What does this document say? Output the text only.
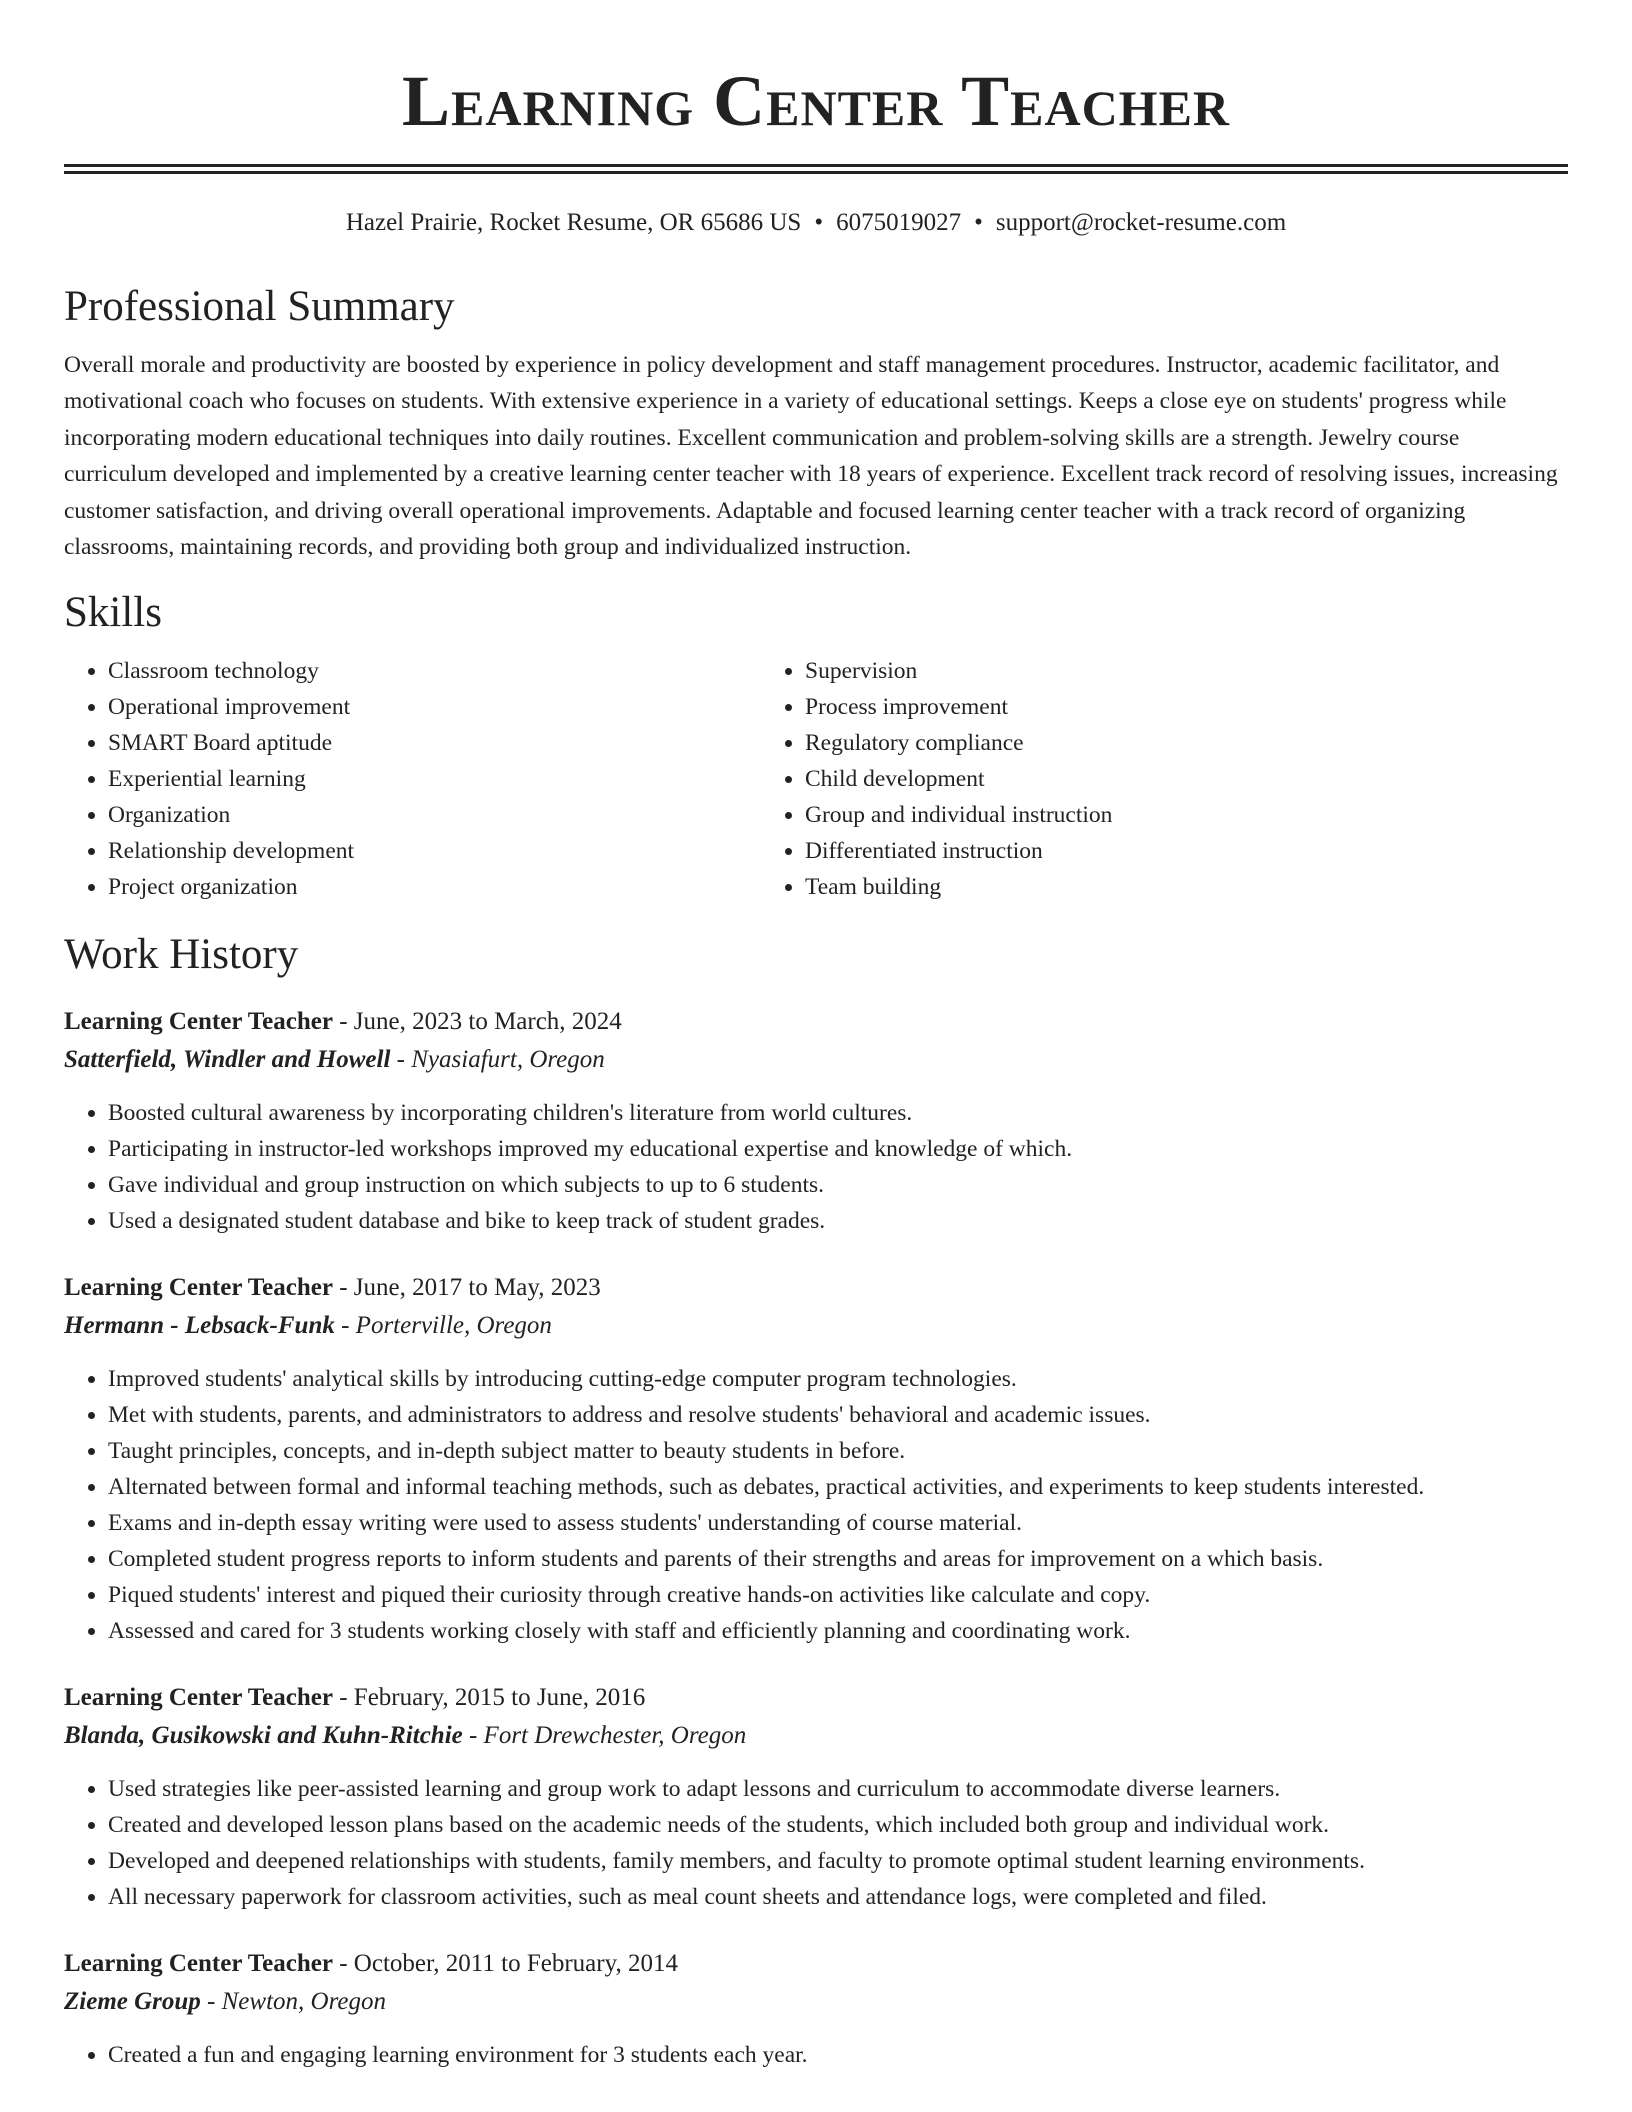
Learning Center Teacher
Hazel Prairie, Rocket Resume, OR 65686 US • 6075019027 • support@rocket-resume.com
Professional Summary

Overall morale and productivity are boosted by experience in policy development and staff management procedures. Instructor, academic facilitator, and motivational coach who focuses on students. With extensive experience in a variety of educational settings. Keeps a close eye on students' progress while incorporating modern educational techniques into daily routines. Excellent communication and problem-solving skills are a strength. Jewelry course curriculum developed and implemented by a creative learning center teacher with 18 years of experience. Excellent track record of resolving issues, increasing customer satisfaction, and driving overall operational improvements. Adaptable and focused learning center teacher with a track record of organizing classrooms, maintaining records, and providing both group and individualized instruction.

Skills
• Classroom technology
• Operational improvement
• SMART Board aptitude
• Experiential learning
• Organization
• Relationship development
• Project organization
• Supervision
• Process improvement
• Regulatory compliance
• Child development
• Group and individual instruction
• Differentiated instruction
• Team building
Work History
Learning Center Teacher - June, 2023 to March, 2024
Satterfield, Windler and Howell - Nyasiafurt, Oregon
• Boosted cultural awareness by incorporating children's literature from world cultures.
• Participating in instructor-led workshops improved my educational expertise and knowledge of which.
• Gave individual and group instruction on which subjects to up to 6 students.
• Used a designated student database and bike to keep track of student grades.
Learning Center Teacher - June, 2017 to May, 2023
Hermann - Lebsack-Funk - Porterville, Oregon
• Improved students' analytical skills by introducing cutting-edge computer program technologies.
• Met with students, parents, and administrators to address and resolve students' behavioral and academic issues.
• Taught principles, concepts, and in-depth subject matter to beauty students in before.
• Alternated between formal and informal teaching methods, such as debates, practical activities, and experiments to keep students interested.
• Exams and in-depth essay writing were used to assess students' understanding of course material.
• Completed student progress reports to inform students and parents of their strengths and areas for improvement on a which basis.
• Piqued students' interest and piqued their curiosity through creative hands-on activities like calculate and copy.
• Assessed and cared for 3 students working closely with staff and efficiently planning and coordinating work.
Learning Center Teacher - February, 2015 to June, 2016
Blanda, Gusikowski and Kuhn-Ritchie - Fort Drewchester, Oregon
• Used strategies like peer-assisted learning and group work to adapt lessons and curriculum to accommodate diverse learners.
• Created and developed lesson plans based on the academic needs of the students, which included both group and individual work.
• Developed and deepened relationships with students, family members, and faculty to promote optimal student learning environments.
• All necessary paperwork for classroom activities, such as meal count sheets and attendance logs, were completed and filed.
Learning Center Teacher - October, 2011 to February, 2014
Zieme Group - Newton, Oregon
• Created a fun and engaging learning environment for 3 students each year.
